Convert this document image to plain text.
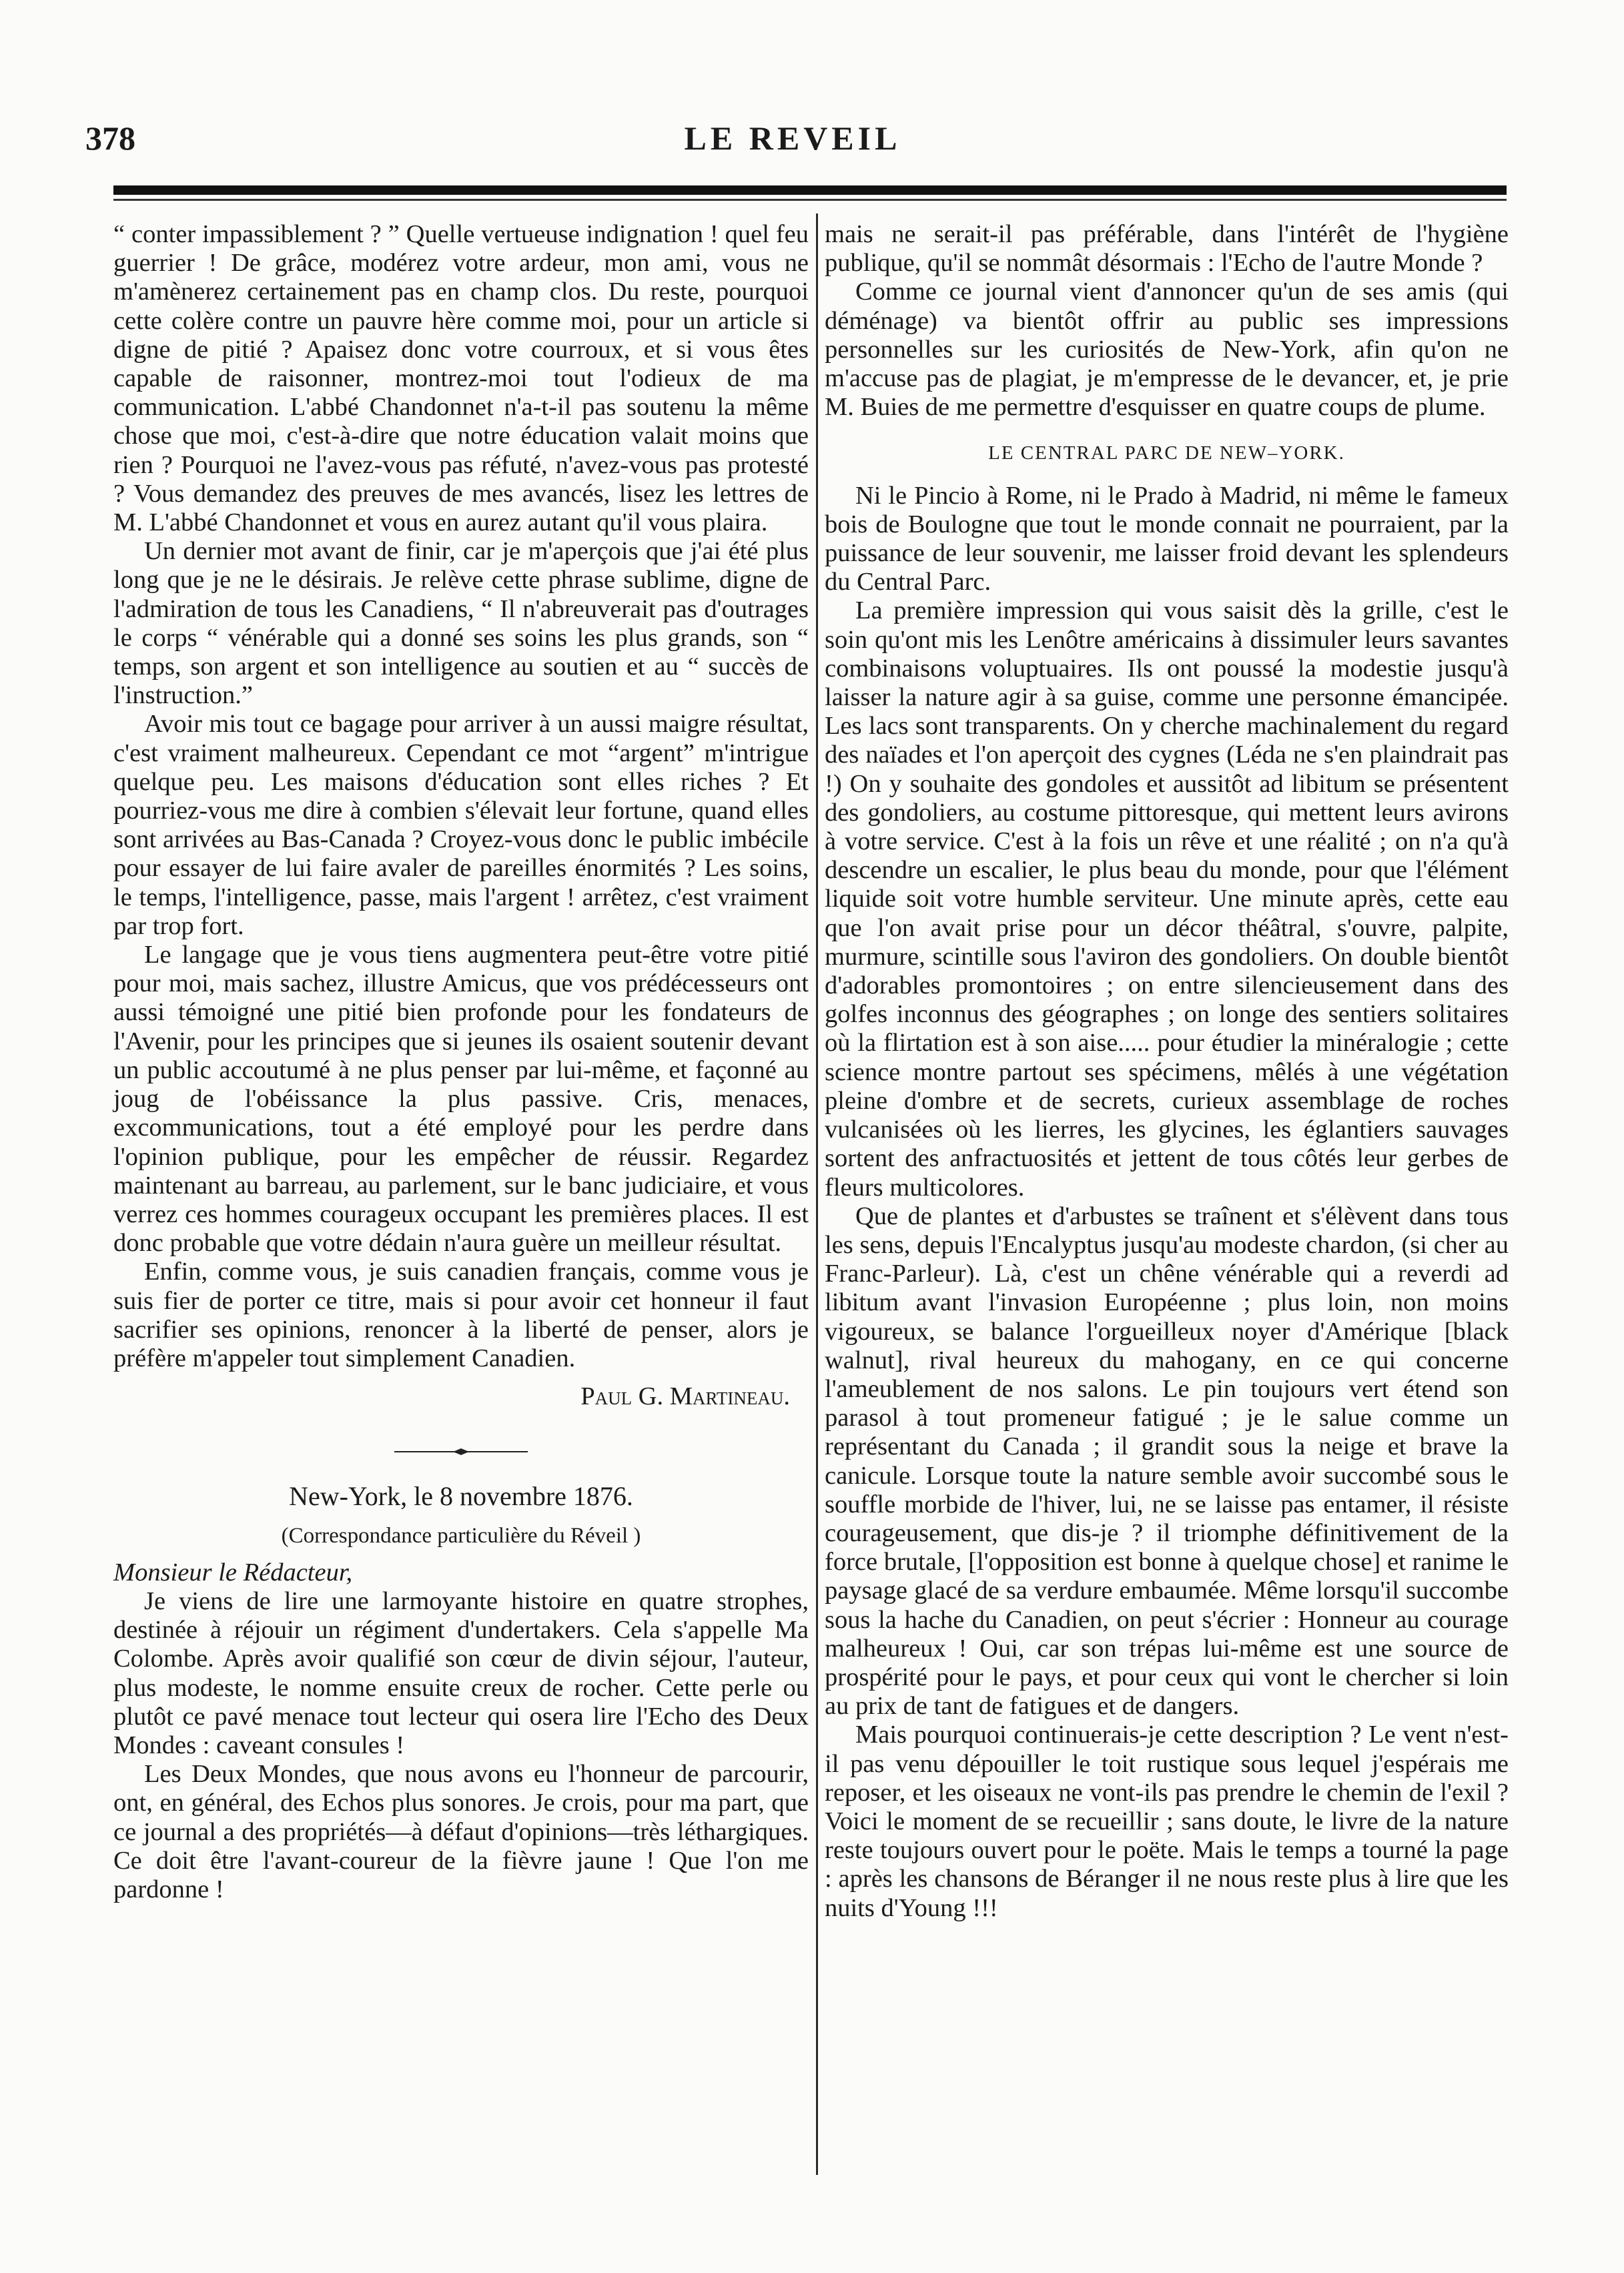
378	LE REVEIL

“ conter impassiblement ? ” Quelle vertueuse indignation ! quel feu guerrier ! De grâce, modérez votre ardeur, mon ami, vous ne m'amènerez certainement pas en champ clos. Du reste, pourquoi cette colère contre un pauvre hère comme moi, pour un article si digne de pitié ? Apaisez donc votre courroux, et si vous êtes capable de raisonner, montrez-moi tout l'odieux de ma communication. L'abbé Chandonnet n'a-t-il pas soutenu la même chose que moi, c'est-à-dire que notre éducation valait moins que rien ? Pourquoi ne l'avez-vous pas réfuté, n'avez-vous pas protesté ? Vous demandez des preuves de mes avancés, lisez les lettres de M. L'abbé Chandonnet et vous en aurez autant qu'il vous plaira.

Un dernier mot avant de finir, car je m'aperçois que j'ai été plus long que je ne le désirais. Je relève cette phrase sublime, digne de l'admiration de tous les Canadiens, “ Il n'abreuverait pas d'outrages le corps “ vénérable qui a donné ses soins les plus grands, son “ temps, son argent et son intelligence au soutien et au “ succès de l'instruction.”

Avoir mis tout ce bagage pour arriver à un aussi maigre résultat, c'est vraiment malheureux. Cependant ce mot “argent” m'intrigue quelque peu. Les maisons d'éducation sont elles riches ? Et pourriez-vous me dire à combien s'élevait leur fortune, quand elles sont arrivées au Bas-Canada ? Croyez-vous donc le public imbécile pour essayer de lui faire avaler de pareilles énormités ? Les soins, le temps, l'intelligence, passe, mais l'argent ! arrêtez, c'est vraiment par trop fort.

Le langage que je vous tiens augmentera peut-être votre pitié pour moi, mais sachez, illustre Amicus, que vos prédécesseurs ont aussi témoigné une pitié bien profonde pour les fondateurs de l'Avenir, pour les principes que si jeunes ils osaient soutenir devant un public accoutumé à ne plus penser par lui-même, et façonné au joug de l'obéissance la plus passive. Cris, menaces, excommunications, tout a été employé pour les perdre dans l'opinion publique, pour les empêcher de réussir. Regardez maintenant au barreau, au parlement, sur le banc judiciaire, et vous verrez ces hommes courageux occupant les premières places. Il est donc probable que votre dédain n'aura guère un meilleur résultat.

Enfin, comme vous, je suis canadien français, comme vous je suis fier de porter ce titre, mais si pour avoir cet honneur il faut sacrifier ses opinions, renoncer à la liberté de penser, alors je préfère m'appeler tout simplement Canadien.

Paul G. Martineau.

New-York, le 8 novembre 1876.

(Correspondance particulière du Réveil )

Monsieur le Rédacteur,

Je viens de lire une larmoyante histoire en quatre strophes, destinée à réjouir un régiment d'undertakers. Cela s'appelle Ma Colombe. Après avoir qualifié son cœur de divin séjour, l'auteur, plus modeste, le nomme ensuite creux de rocher. Cette perle ou plutôt ce pavé menace tout lecteur qui osera lire l'Echo des Deux Mondes : caveant consules !

Les Deux Mondes, que nous avons eu l'honneur de parcourir, ont, en général, des Echos plus sonores. Je crois, pour ma part, que ce journal a des propriétés—à défaut d'opinions—très léthargiques. Ce doit être l'avant-coureur de la fièvre jaune ! Que l'on me pardonne !

mais ne serait-il pas préférable, dans l'intérêt de l'hygiène publique, qu'il se nommât désormais : l'Echo de l'autre Monde ?

Comme ce journal vient d'annoncer qu'un de ses amis (qui déménage) va bientôt offrir au public ses impressions personnelles sur les curiosités de New-York, afin qu'on ne m'accuse pas de plagiat, je m'empresse de le devancer, et, je prie M. Buies de me permettre d'esquisser en quatre coups de plume.

LE CENTRAL PARC DE NEW–YORK.

Ni le Pincio à Rome, ni le Prado à Madrid, ni même le fameux bois de Boulogne que tout le monde connait ne pourraient, par la puissance de leur souvenir, me laisser froid devant les splendeurs du Central Parc.

La première impression qui vous saisit dès la grille, c'est le soin qu'ont mis les Lenôtre américains à dissimuler leurs savantes combinaisons voluptuaires. Ils ont poussé la modestie jusqu'à laisser la nature agir à sa guise, comme une personne émancipée. Les lacs sont transparents. On y cherche machinalement du regard des naïades et l'on aperçoit des cygnes (Léda ne s'en plaindrait pas !) On y souhaite des gondoles et aussitôt ad libitum se présentent des gondoliers, au costume pittoresque, qui mettent leurs avirons à votre service. C'est à la fois un rêve et une réalité ; on n'a qu'à descendre un escalier, le plus beau du monde, pour que l'élément liquide soit votre humble serviteur. Une minute après, cette eau que l'on avait prise pour un décor théâtral, s'ouvre, palpite, murmure, scintille sous l'aviron des gondoliers. On double bientôt d'adorables promontoires ; on entre silencieusement dans des golfes inconnus des géographes ; on longe des sentiers solitaires où la flirtation est à son aise..... pour étudier la minéralogie ; cette science montre partout ses spécimens, mêlés à une végétation pleine d'ombre et de secrets, curieux assemblage de roches vulcanisées où les lierres, les glycines, les églantiers sauvages sortent des anfractuosités et jettent de tous côtés leur gerbes de fleurs multicolores.

Que de plantes et d'arbustes se traînent et s'élèvent dans tous les sens, depuis l'Encalyptus jusqu'au modeste chardon, (si cher au Franc-Parleur). Là, c'est un chêne vénérable qui a reverdi ad libitum avant l'invasion Européenne ; plus loin, non moins vigoureux, se balance l'orgueilleux noyer d'Amérique [black walnut], rival heureux du mahogany, en ce qui concerne l'ameublement de nos salons. Le pin toujours vert étend son parasol à tout promeneur fatigué ; je le salue comme un représentant du Canada ; il grandit sous la neige et brave la canicule. Lorsque toute la nature semble avoir succombé sous le souffle morbide de l'hiver, lui, ne se laisse pas entamer, il résiste courageusement, que dis-je ? il triomphe définitivement de la force brutale, [l'opposition est bonne à quelque chose] et ranime le paysage glacé de sa verdure embaumée. Même lorsqu'il succombe sous la hache du Canadien, on peut s'écrier : Honneur au courage malheureux ! Oui, car son trépas lui-même est une source de prospérité pour le pays, et pour ceux qui vont le chercher si loin au prix de tant de fatigues et de dangers.

Mais pourquoi continuerais-je cette description ? Le vent n'est-il pas venu dépouiller le toit rustique sous lequel j'espérais me reposer, et les oiseaux ne vont-ils pas prendre le chemin de l'exil ? Voici le moment de se recueillir ; sans doute, le livre de la nature reste toujours ouvert pour le poëte. Mais le temps a tourné la page : après les chansons de Béranger il ne nous reste plus à lire que les nuits d'Young !!!
